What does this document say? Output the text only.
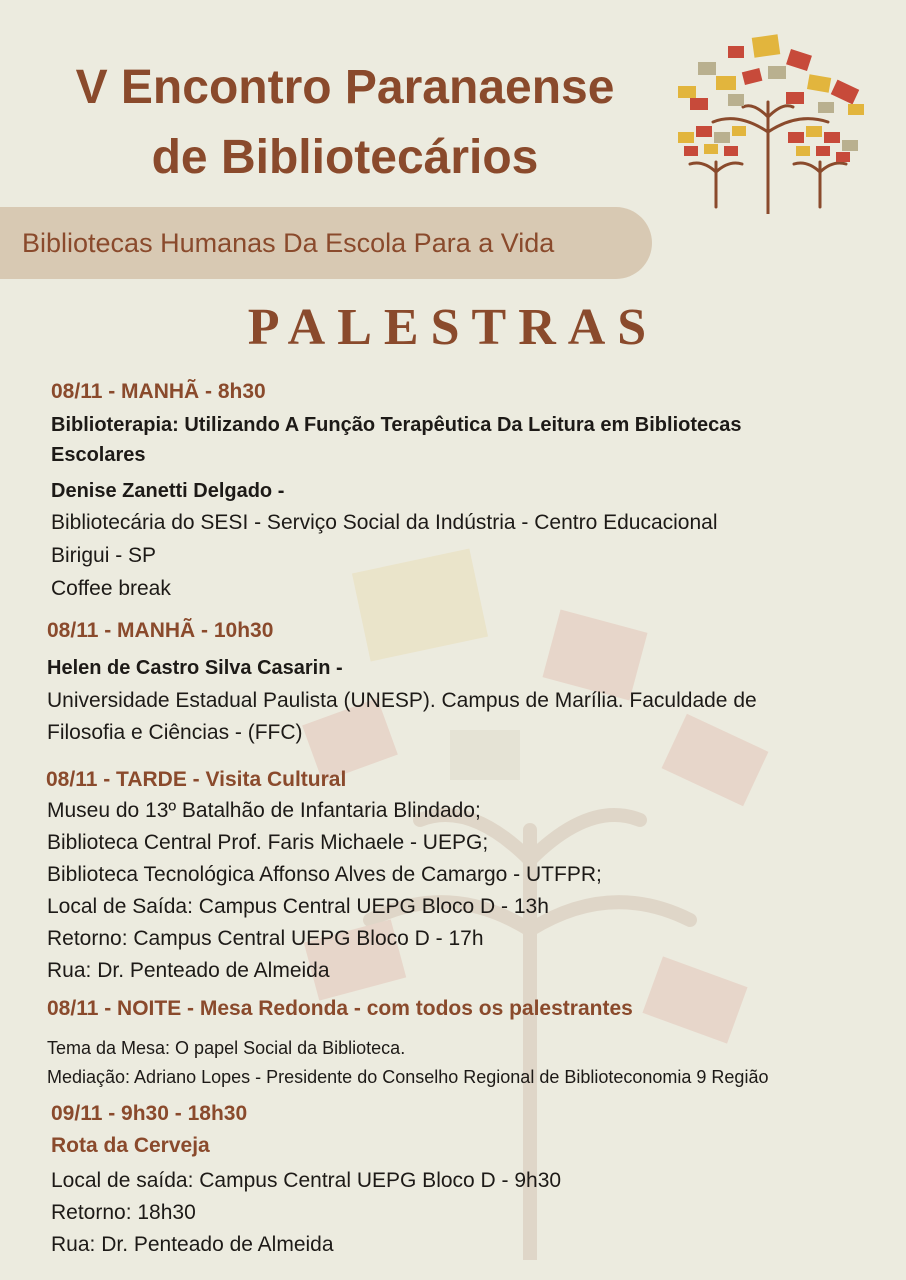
V Encontro Paranaense
de Bibliotecários
Bibliotecas Humanas Da Escola Para a Vida
PALESTRAS
08/11 - MANHÃ - 8h30
Biblioterapia: Utilizando A Função Terapêutica Da Leitura em Bibliotecas
Escolares
Denise Zanetti Delgado -
Bibliotecária do SESI - Serviço Social da Indústria - Centro Educacional
Birigui - SP
Coffee break
08/11 - MANHÃ - 10h30
Helen de Castro Silva Casarin -
Universidade Estadual Paulista (UNESP). Campus de Marília. Faculdade de
Filosofia e Ciências - (FFC)
08/11 - TARDE - Visita Cultural
Museu do 13º Batalhão de Infantaria Blindado;
Biblioteca Central Prof. Faris Michaele - UEPG;
Biblioteca Tecnológica Affonso Alves de Camargo - UTFPR;
Local de Saída: Campus Central UEPG Bloco D - 13h
Retorno: Campus Central UEPG Bloco D - 17h
Rua: Dr. Penteado de Almeida
08/11 - NOITE - Mesa Redonda - com todos os palestrantes
Tema da Mesa: O papel Social da Biblioteca.
Mediação: Adriano Lopes - Presidente do Conselho Regional de Biblioteconomia 9 Região
09/11 - 9h30 - 18h30
Rota da Cerveja
Local de saída: Campus Central UEPG Bloco D - 9h30
Retorno: 18h30
Rua: Dr. Penteado de Almeida
